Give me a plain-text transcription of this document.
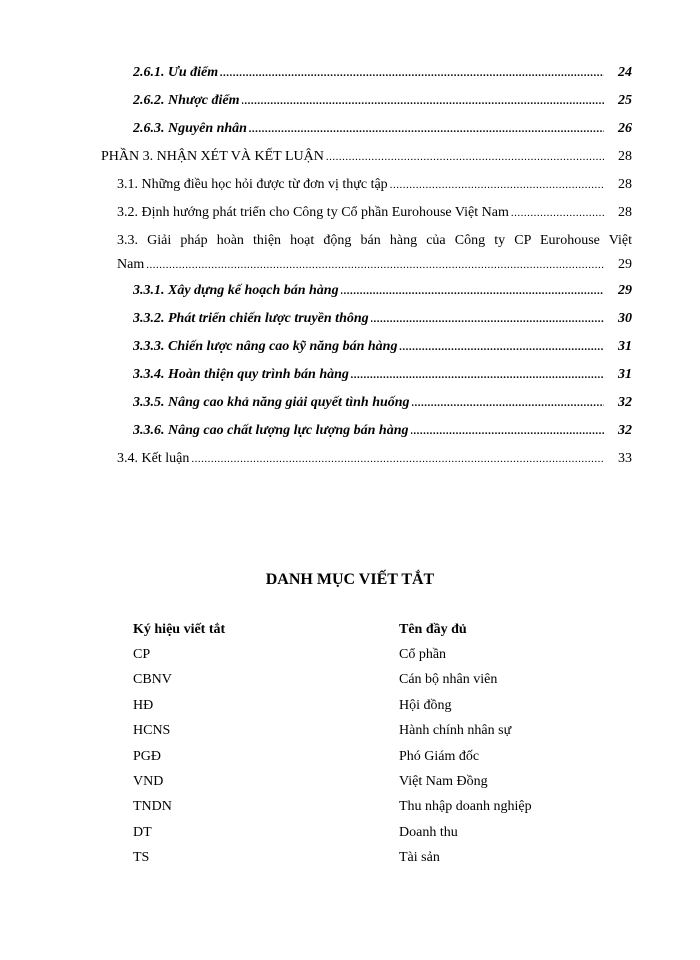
2.6.1. Ưu điểm .....	24
2.6.2. Nhược điểm .....	25
2.6.3. Nguyên nhân .....	26
PHẦN 3. NHẬN XÉT VÀ KẾT LUẬN .....	28
3.1. Những điều học hỏi được từ đơn vị thực tập .....	28
3.2. Định hướng phát triển cho Công ty Cổ phần Eurohouse Việt Nam .....	28
3.3. Giải pháp hoàn thiện hoạt động bán hàng của Công ty CP Eurohouse Việt
Nam .....	29
3.3.1. Xây dựng kế hoạch bán hàng .....	29
3.3.2. Phát triển chiến lược truyền thông .....	30
3.3.3. Chiến lược nâng cao kỹ năng bán hàng .....	31
3.3.4. Hoàn thiện quy trình bán hàng .....	31
3.3.5. Nâng cao khả năng giải quyết tình huống .....	32
3.3.6. Nâng cao chất lượng lực lượng bán hàng .....	32
3.4. Kết luận .....	33
DANH MỤC VIẾT TẮT
Ký hiệu viết tắt	Tên đầy đủ
CP	Cổ phần
CBNV	Cán bộ nhân viên
HĐ	Hội đồng
HCNS	Hành chính nhân sự
PGĐ	Phó Giám đốc
VND	Việt Nam Đồng
TNDN	Thu nhập doanh nghiệp
DT	Doanh thu
TS	Tài sản
